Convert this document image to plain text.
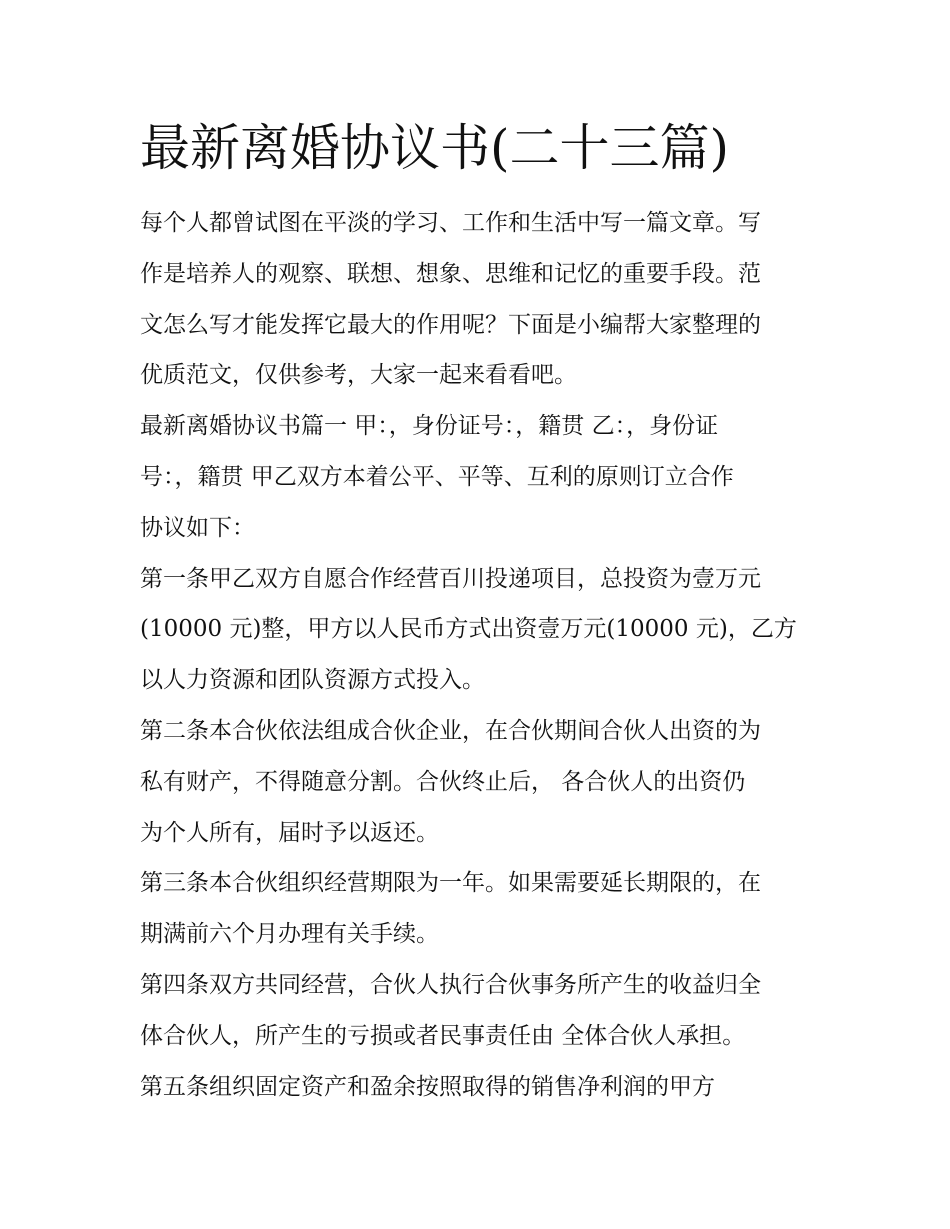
最新离婚协议书(二十三篇)

每个人都曾试图在平淡的学习、工作和生活中写一篇文章。写

作是培养人的观察、联想、想象、思维和记忆的重要手段。范

文怎么写才能发挥它最大的作用呢？下面是小编帮大家整理的

优质范文，仅供参考，大家一起来看看吧。

最新离婚协议书篇一 甲：，身份证号：，籍贯 乙：，身份证

号：，籍贯 甲乙双方本着公平、平等、互利的原则订立合作

协议如下：

第一条甲乙双方自愿合作经营百川投递项目，总投资为壹万元

(10000 元)整，甲方以人民币方式出资壹万元(10000 元)，乙方

以人力资源和团队资源方式投入。

第二条本合伙依法组成合伙企业，在合伙期间合伙人出资的为

私有财产，不得随意分割。合伙终止后， 各合伙人的出资仍

为个人所有，届时予以返还。

第三条本合伙组织经营期限为一年。如果需要延长期限的，在

期满前六个月办理有关手续。

第四条双方共同经营，合伙人执行合伙事务所产生的收益归全

体合伙人，所产生的亏损或者民事责任由 全体合伙人承担。

第五条组织固定资产和盈余按照取得的销售净利润的甲方
